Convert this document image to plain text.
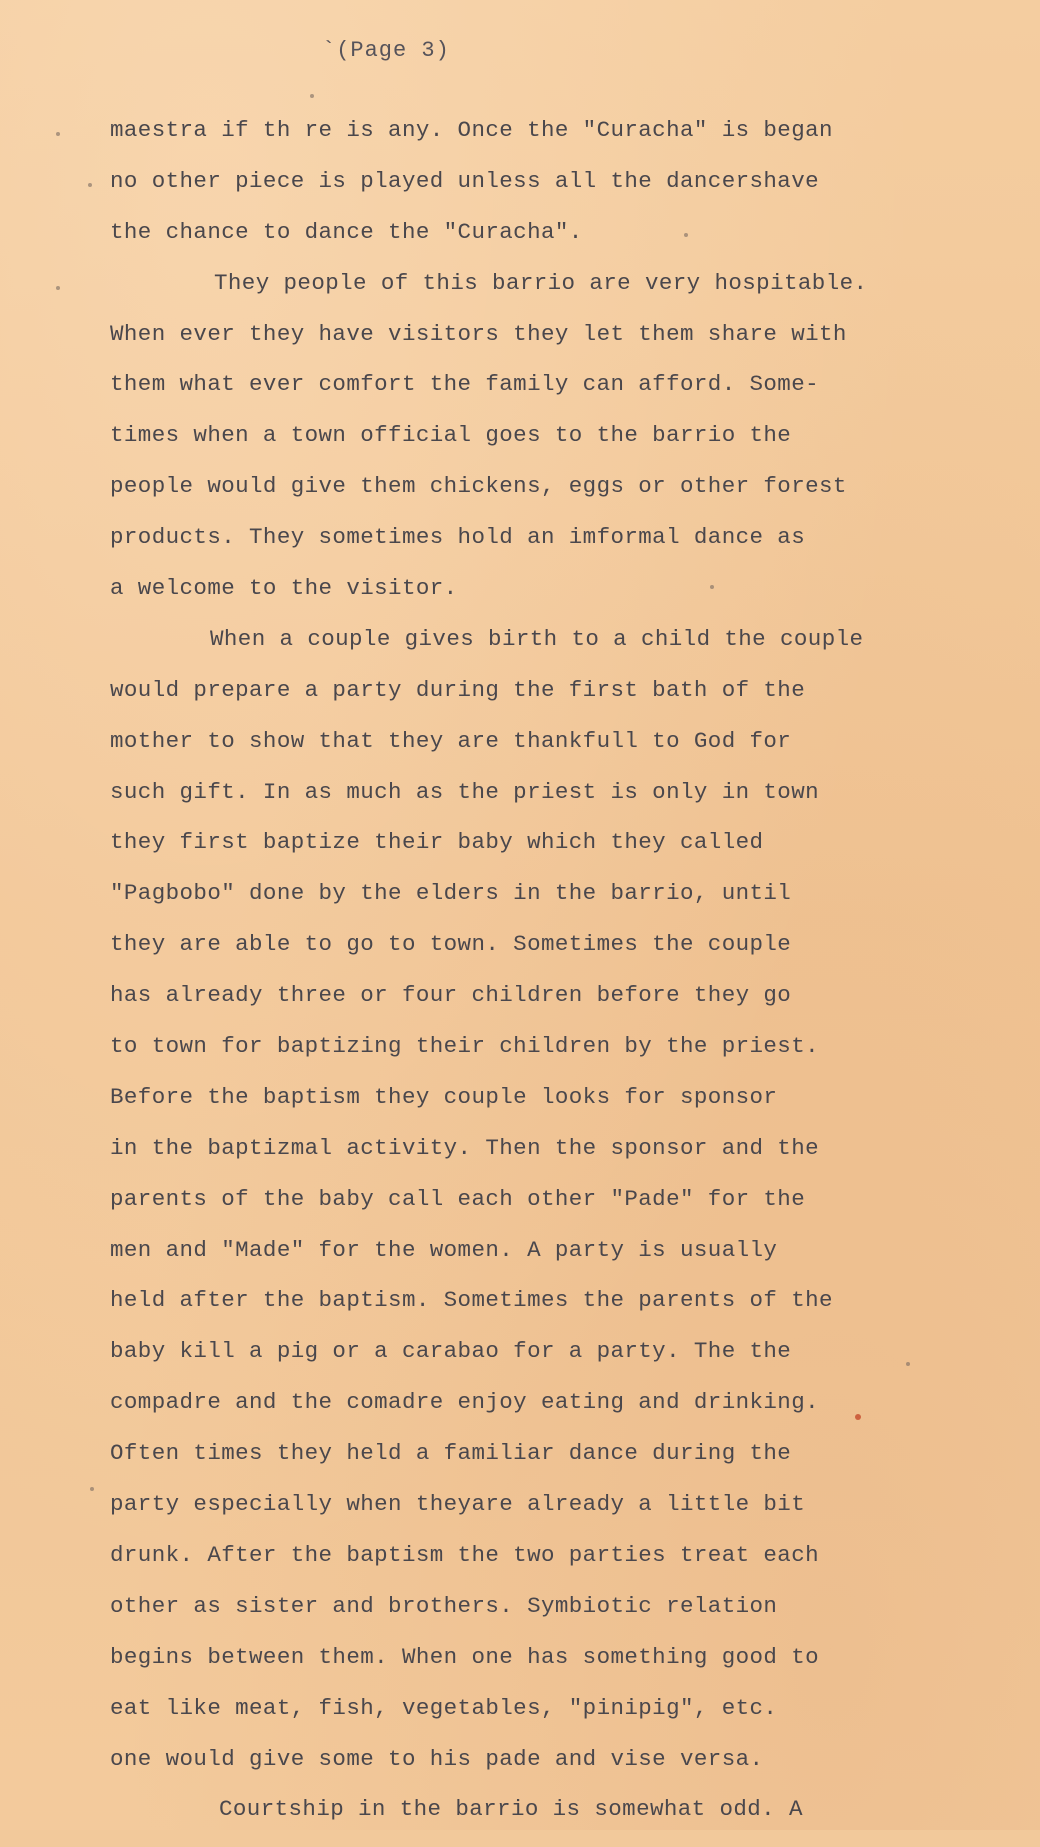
`(Page 3)
maestra if th re is any. Once the "Curacha" is began
no other piece is played unless all the dancershave
the chance to dance the "Curacha".
They people of this barrio are very hospitable.
When ever they have visitors they let them share with
them what ever comfort the family can afford. Some-
times when a town official goes to the barrio the
people would give them chickens, eggs or other forest
products. They sometimes hold an imformal dance as
a welcome to the visitor.
When a couple gives birth to a child the couple
would prepare a party during the first bath of the
mother to show that they are thankfull to God for
such gift. In as much as the priest is only in town
they first baptize their baby which they called
"Pagbobo" done by the elders in the barrio, until
they are able to go to town. Sometimes the couple
has already three or four children before they go
to town for baptizing their children by the priest.
Before the baptism they couple looks for sponsor
in the baptizmal activity. Then the sponsor and the
parents of the baby call each other "Pade" for the
men and "Made" for the women. A party is usually
held after the baptism. Sometimes the parents of the
baby kill a pig or a carabao for a party. The the
compadre and the comadre enjoy eating and drinking.
Often times they held a familiar dance during the
party especially when theyare already a little bit
drunk. After the baptism the two parties treat each
other as sister and brothers. Symbiotic relation
begins between them. When one has something good to
eat like meat, fish, vegetables, "pinipig", etc.
one would give some to his pade and vise versa.
Courtship in the barrio is somewhat odd. A
